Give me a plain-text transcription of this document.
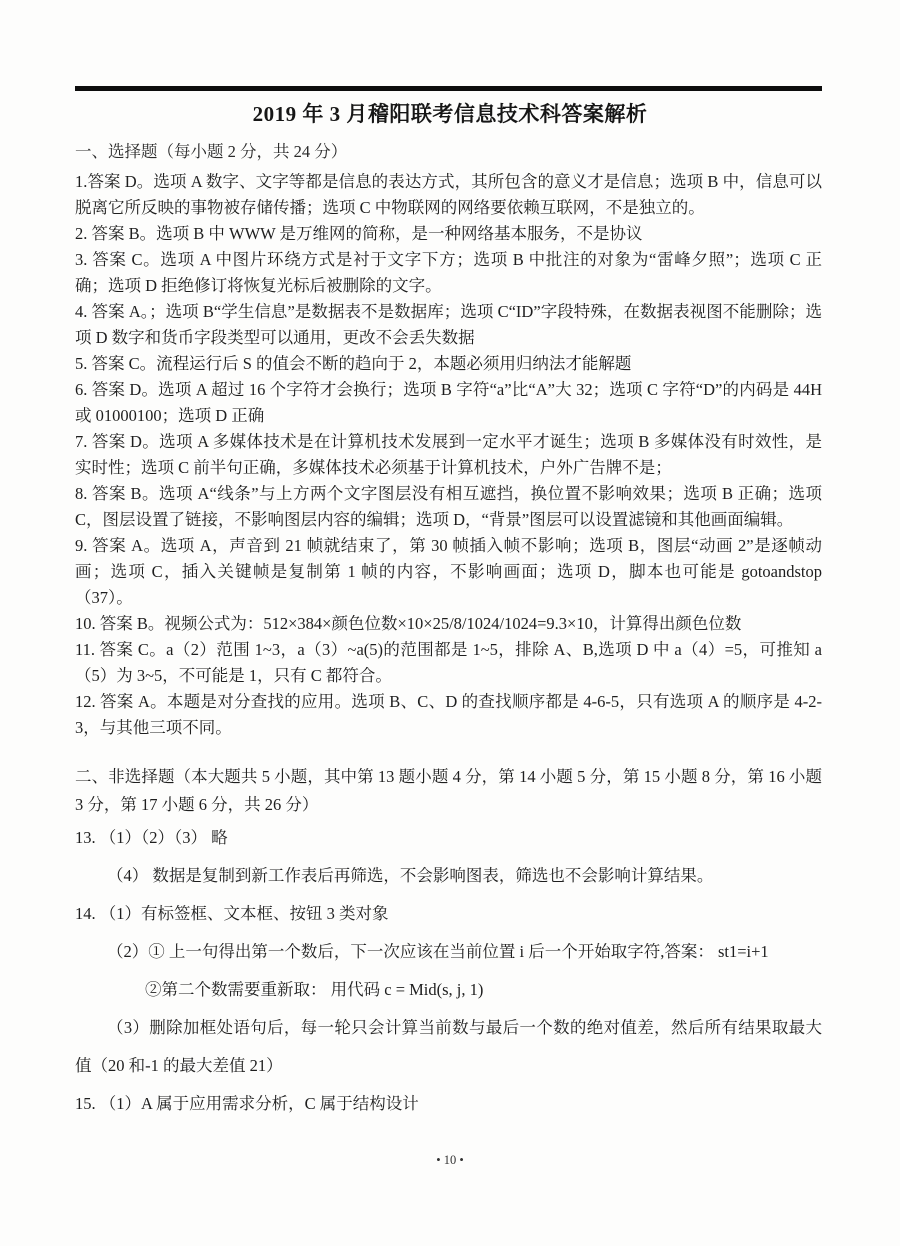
2019 年 3 月稽阳联考信息技术科答案解析

一、选择题（每小题 2 分，共 24 分）

1.答案 D。选项 A 数字、文字等都是信息的表达方式，其所包含的意义才是信息；选项 B 中，信息可以脱离它所反映的事物被存储传播；选项 C 中物联网的网络要依赖互联网，不是独立的。

2. 答案 B。选项 B 中 WWW 是万维网的简称，是一种网络基本服务，不是协议

3. 答案 C。选项 A 中图片环绕方式是衬于文字下方；选项 B 中批注的对象为“雷峰夕照”；选项 C 正确；选项 D 拒绝修订将恢复光标后被删除的文字。

4. 答案 A。；选项 B“学生信息”是数据表不是数据库；选项 C“ID”字段特殊，在数据表视图不能删除；选项 D 数字和货币字段类型可以通用，更改不会丢失数据

5. 答案 C。流程运行后 S 的值会不断的趋向于 2，本题必须用归纳法才能解题

6. 答案 D。选项 A 超过 16 个字符才会换行；选项 B 字符“a”比“A”大 32；选项 C 字符“D”的内码是 44H 或 01000100；选项 D 正确

7. 答案 D。选项 A 多媒体技术是在计算机技术发展到一定水平才诞生；选项 B 多媒体没有时效性，是实时性；选项 C 前半句正确，多媒体技术必须基于计算机技术，户外广告牌不是；

8. 答案 B。选项 A“线条”与上方两个文字图层没有相互遮挡，换位置不影响效果；选项 B 正确；选项 C，图层设置了链接，不影响图层内容的编辑；选项 D，“背景”图层可以设置滤镜和其他画面编辑。

9. 答案 A。选项 A，声音到 21 帧就结束了，第 30 帧插入帧不影响；选项 B，图层“动画 2”是逐帧动画；选项 C，插入关键帧是复制第 1 帧的内容，不影响画面；选项 D，脚本也可能是 gotoandstop（37）。

10. 答案 B。视频公式为：512×384×颜色位数×10×25/8/1024/1024=9.3×10，计算得出颜色位数

11. 答案 C。a（2）范围 1~3，a（3）~a(5)的范围都是 1~5，排除 A、B,选项 D 中 a（4）=5，可推知 a（5）为 3~5，不可能是 1，只有 C 都符合。

12. 答案 A。本题是对分查找的应用。选项 B、C、D 的查找顺序都是 4-6-5，只有选项 A 的顺序是 4-2-3，与其他三项不同。

二、非选择题（本大题共 5 小题，其中第 13 题小题 4 分，第 14 小题 5 分，第 15 小题 8 分，第 16 小题 3 分，第 17 小题 6 分，共 26 分）

13. （1）（2）（3） 略

（4） 数据是复制到新工作表后再筛选，不会影响图表，筛选也不会影响计算结果。

14. （1）有标签框、文本框、按钮 3 类对象

（2）① 上一句得出第一个数后，下一次应该在当前位置 i 后一个开始取字符,答案： st1=i+1

②第二个数需要重新取： 用代码 c = Mid(s, j, 1)

（3）删除加框处语句后，每一轮只会计算当前数与最后一个数的绝对值差，然后所有结果取最大值（20 和-1 的最大差值 21）

15. （1）A 属于应用需求分析，C 属于结构设计

• 10 •
